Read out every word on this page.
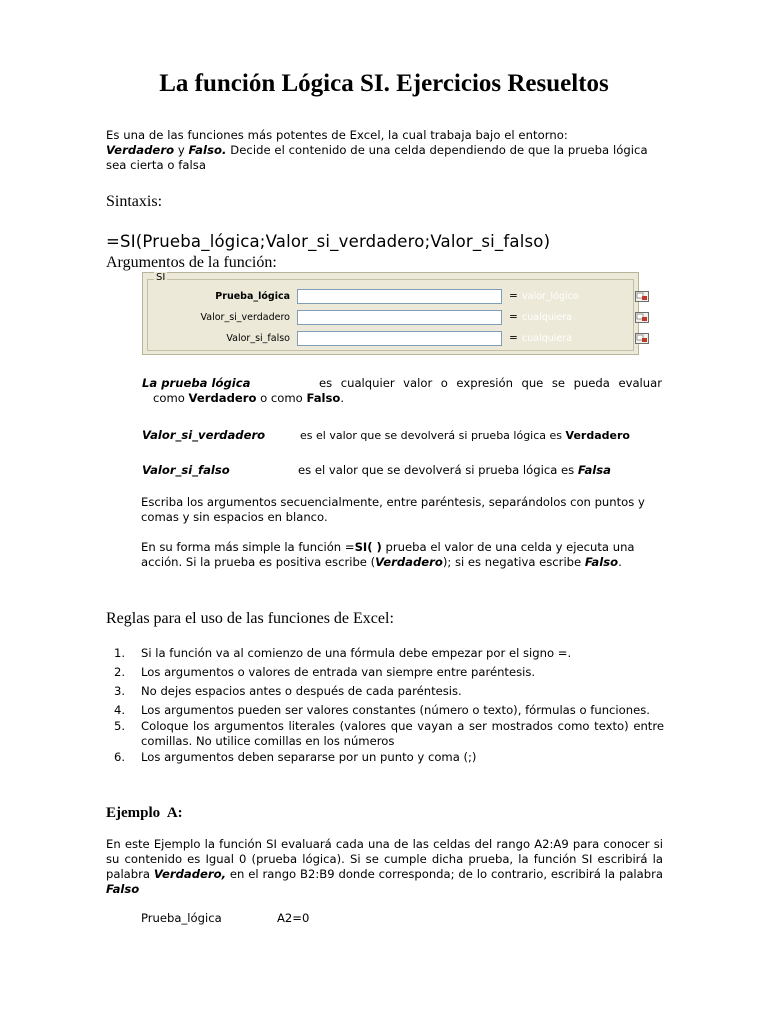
La función Lógica SI. Ejercicios Resueltos

Es una de las funciones más potentes de Excel, la cual trabaja bajo el entorno:
Verdadero y Falso. Decide el contenido de una celda dependiendo de que la prueba lógica sea cierta o falsa

Sintaxis:
=SI(Prueba_lógica;Valor_si_verdadero;Valor_si_falso)
Argumentos de la función:
SI
Prueba_lógica	= valor_lógico
Valor_si_verdadero	= cualquiera
Valor_si_falso	= cualquiera
La prueba lógica	es cualquier valor o expresión que se pueda evaluar
como Verdadero o como Falso.
Valor_si_verdadero	es el valor que se devolverá si prueba lógica es Verdadero
Valor_si_falso	es el valor que se devolverá si prueba lógica es Falsa

Escriba los argumentos secuencialmente, entre paréntesis, separándolos con puntos y comas y sin espacios en blanco.

En su forma más simple la función =SI( ) prueba el valor de una celda y ejecuta una acción. Si la prueba es positiva escribe (Verdadero); si es negativa escribe Falso.

Reglas para el uso de las funciones de Excel:
1. Si la función va al comienzo de una fórmula debe empezar por el signo =.
2. Los argumentos o valores de entrada van siempre entre paréntesis.
3. No dejes espacios antes o después de cada paréntesis.
4. Los argumentos pueden ser valores constantes (número o texto), fórmulas o funciones.
5. Coloque los argumentos literales (valores que vayan a ser mostrados como texto) entre comillas. No utilice comillas en los números
6. Los argumentos deben separarse por un punto y coma (;)
Ejemplo  A:

En este Ejemplo la función SI evaluará cada una de las celdas del rango A2:A9 para conocer si su contenido es Igual 0 (prueba lógica). Si se cumple dicha prueba, la función SI escribirá la palabra Verdadero, en el rango B2:B9 donde corresponda; de lo contrario, escribirá la palabra Falso

Prueba_lógica	A2=0
